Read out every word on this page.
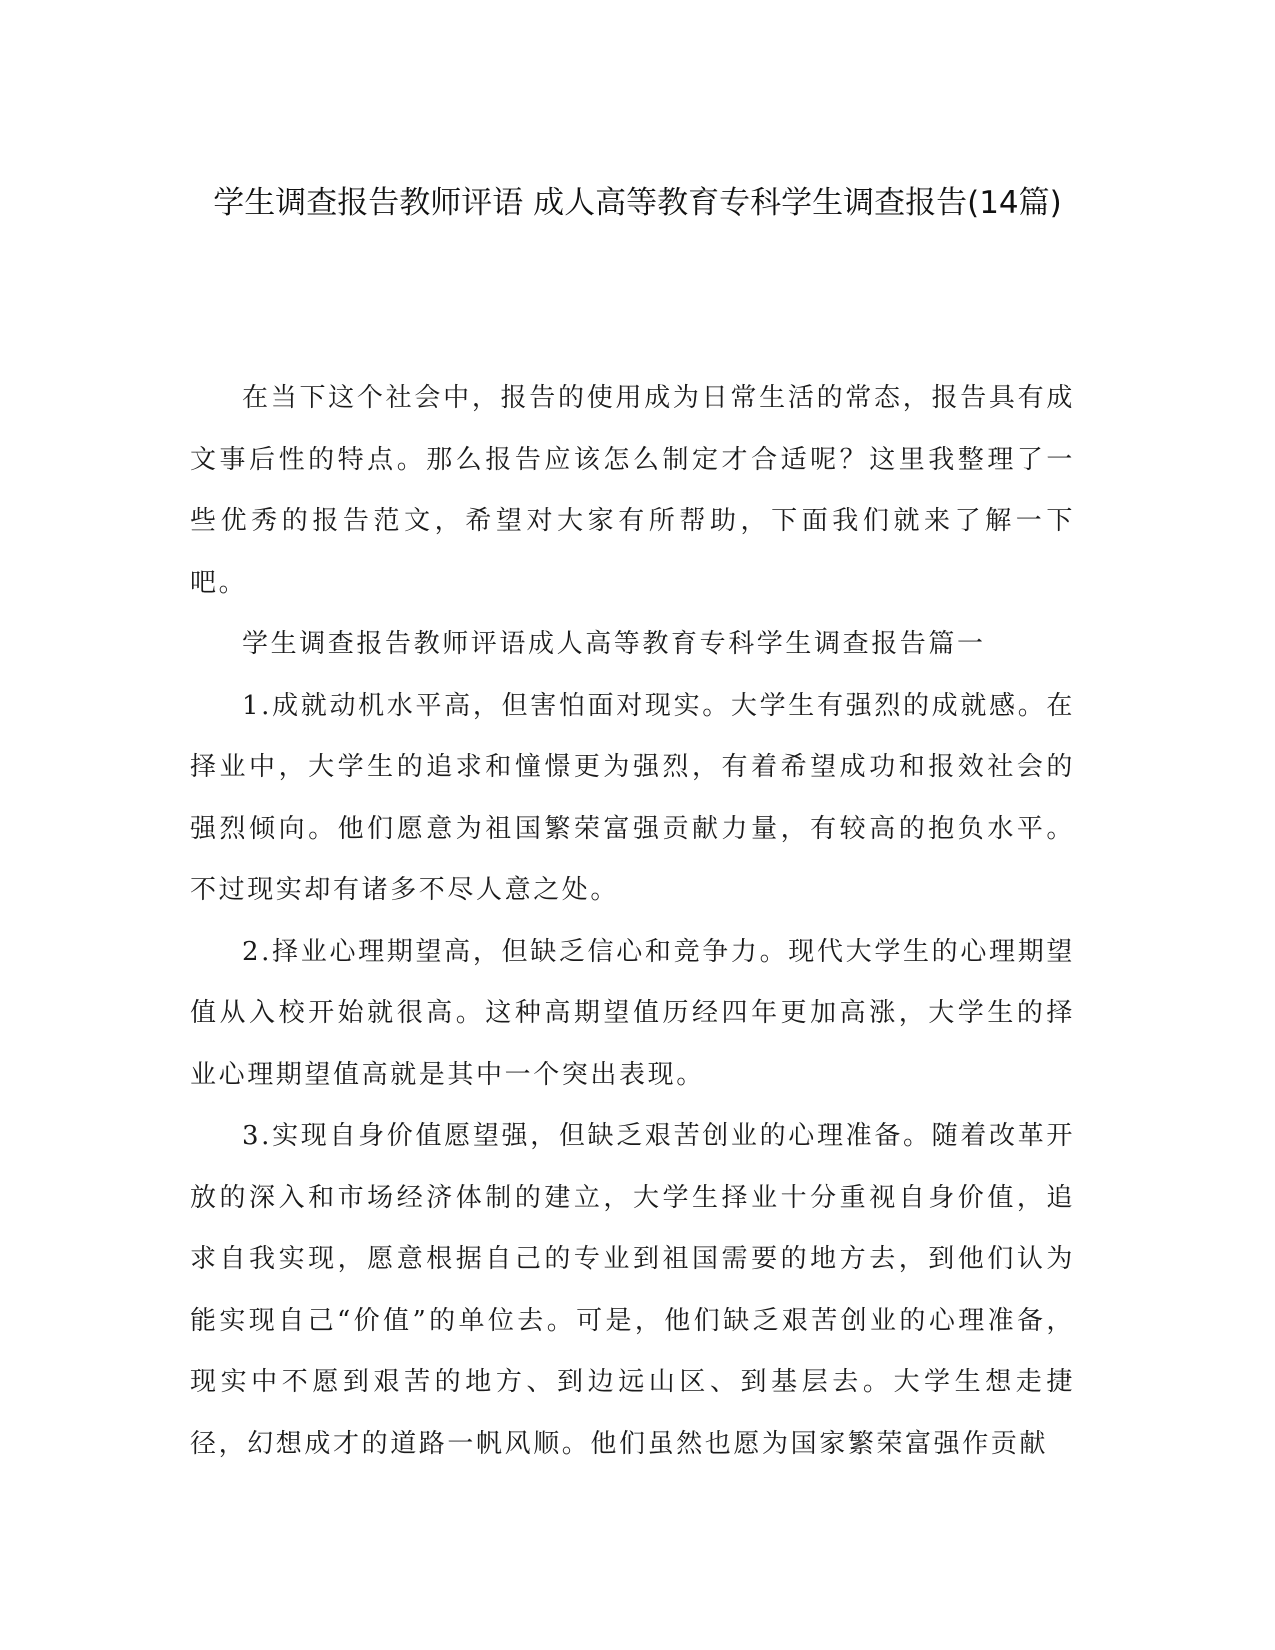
学生调查报告教师评语 成人高等教育专科学生调查报告(14篇)

在当下这个社会中，报告的使用成为日常生活的常态，报告具有成文事后性的特点。那么报告应该怎么制定才合适呢？这里我整理了一些优秀的报告范文，希望对大家有所帮助，下面我们就来了解一下吧。

学生调查报告教师评语成人高等教育专科学生调查报告篇一

1.成就动机水平高，但害怕面对现实。大学生有强烈的成就感。在择业中，大学生的追求和憧憬更为强烈，有着希望成功和报效社会的强烈倾向。他们愿意为祖国繁荣富强贡献力量，有较高的抱负水平。不过现实却有诸多不尽人意之处。

2.择业心理期望高，但缺乏信心和竞争力。现代大学生的心理期望值从入校开始就很高。这种高期望值历经四年更加高涨，大学生的择业心理期望值高就是其中一个突出表现。

3.实现自身价值愿望强，但缺乏艰苦创业的心理准备。随着改革开放的深入和市场经济体制的建立，大学生择业十分重视自身价值，追求自我实现，愿意根据自己的专业到祖国需要的地方去，到他们认为能实现自己“价值”的单位去。可是，他们缺乏艰苦创业的心理准备，现实中不愿到艰苦的地方、到边远山区、到基层去。大学生想走捷径，幻想成才的道路一帆风顺。他们虽然也愿为国家繁荣富强作贡献
